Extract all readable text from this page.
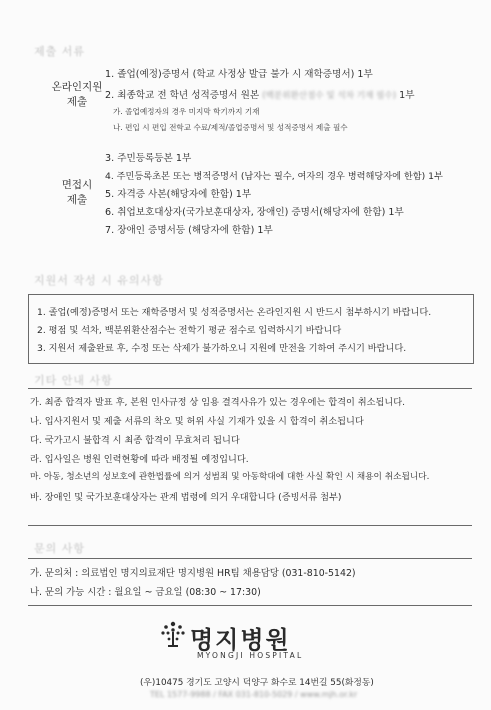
제출 서류
온라인지원
제출
1. 졸업(예정)증명서 (학교 사정상 발급 불가 시 재학증명서) 1부
2. 최종학교 전 학년 성적증명서 원본 (백분위환산점수 및 석차 기재 필수) 1부
가. 졸업예정자의 경우 미지막 학기까지 기재
나. 편입 시 편입 전학교 수료/제적/졸업증명서 및 성적증명서 제출 필수
면접시
제출
3. 주민등록등본 1부
4. 주민등록초본 또는 병적증명서 (남자는 필수, 여자의 경우 병력해당자에 한함) 1부
5. 자격증 사본(해당자에 한함) 1부
6. 취업보호대상자(국가보훈대상자, 장애인) 증명서(해당자에 한함) 1부
7. 장애인 증명서등 (해당자에 한함) 1부
지원서 작성 시 유의사항
1. 졸업(예정)증명서 또는 재학증명서 및 성적증명서는 온라인지원 시 반드시 첨부하시기 바랍니다.
2. 평점 및 석차, 백분위환산점수는 전학기 평균 점수로 입력하시기 바랍니다
3. 지원서 제출완료 후, 수정 또는 삭제가 불가하오니 지원에 만전을 기하여 주시기 바랍니다.
기타 안내 사항
가. 최종 합격자 발표 후, 본원 인사규정 상 임용 결격사유가 있는 경우에는 합격이 취소됩니다.
나. 입사지원서 및 제출 서류의 착오 및 허위 사실 기재가 있을 시 합격이 취소됩니다
다. 국가고시 불합격 시 최종 합격이 무효처리 됩니다
라. 입사일은 병원 인력현황에 따라 배정될 예정입니다.
마. 아동, 청소년의 성보호에 관한법률에 의거 성범죄 및 아동학대에 대한 사실 확인 시 채용이 취소됩니다.
바. 장애인 및 국가보훈대상자는 관계 법령에 의거 우대합니다 (증빙서류 첨부)
문의 사항
가. 문의처 : 의료법인 명지의료재단 명지병원 HR팀 채용담당 (031-810-5142)
나. 문의 가능 시간 : 월요일 ~ 금요일 (08:30 ~ 17:30)
명지병원
MYONGJI HOSPITAL
(우)10475 경기도 고양시 덕양구 화수로 14번길 55(화정동)
TEL 1577-9988 / FAX 031-810-5029 / www.mjh.or.kr
